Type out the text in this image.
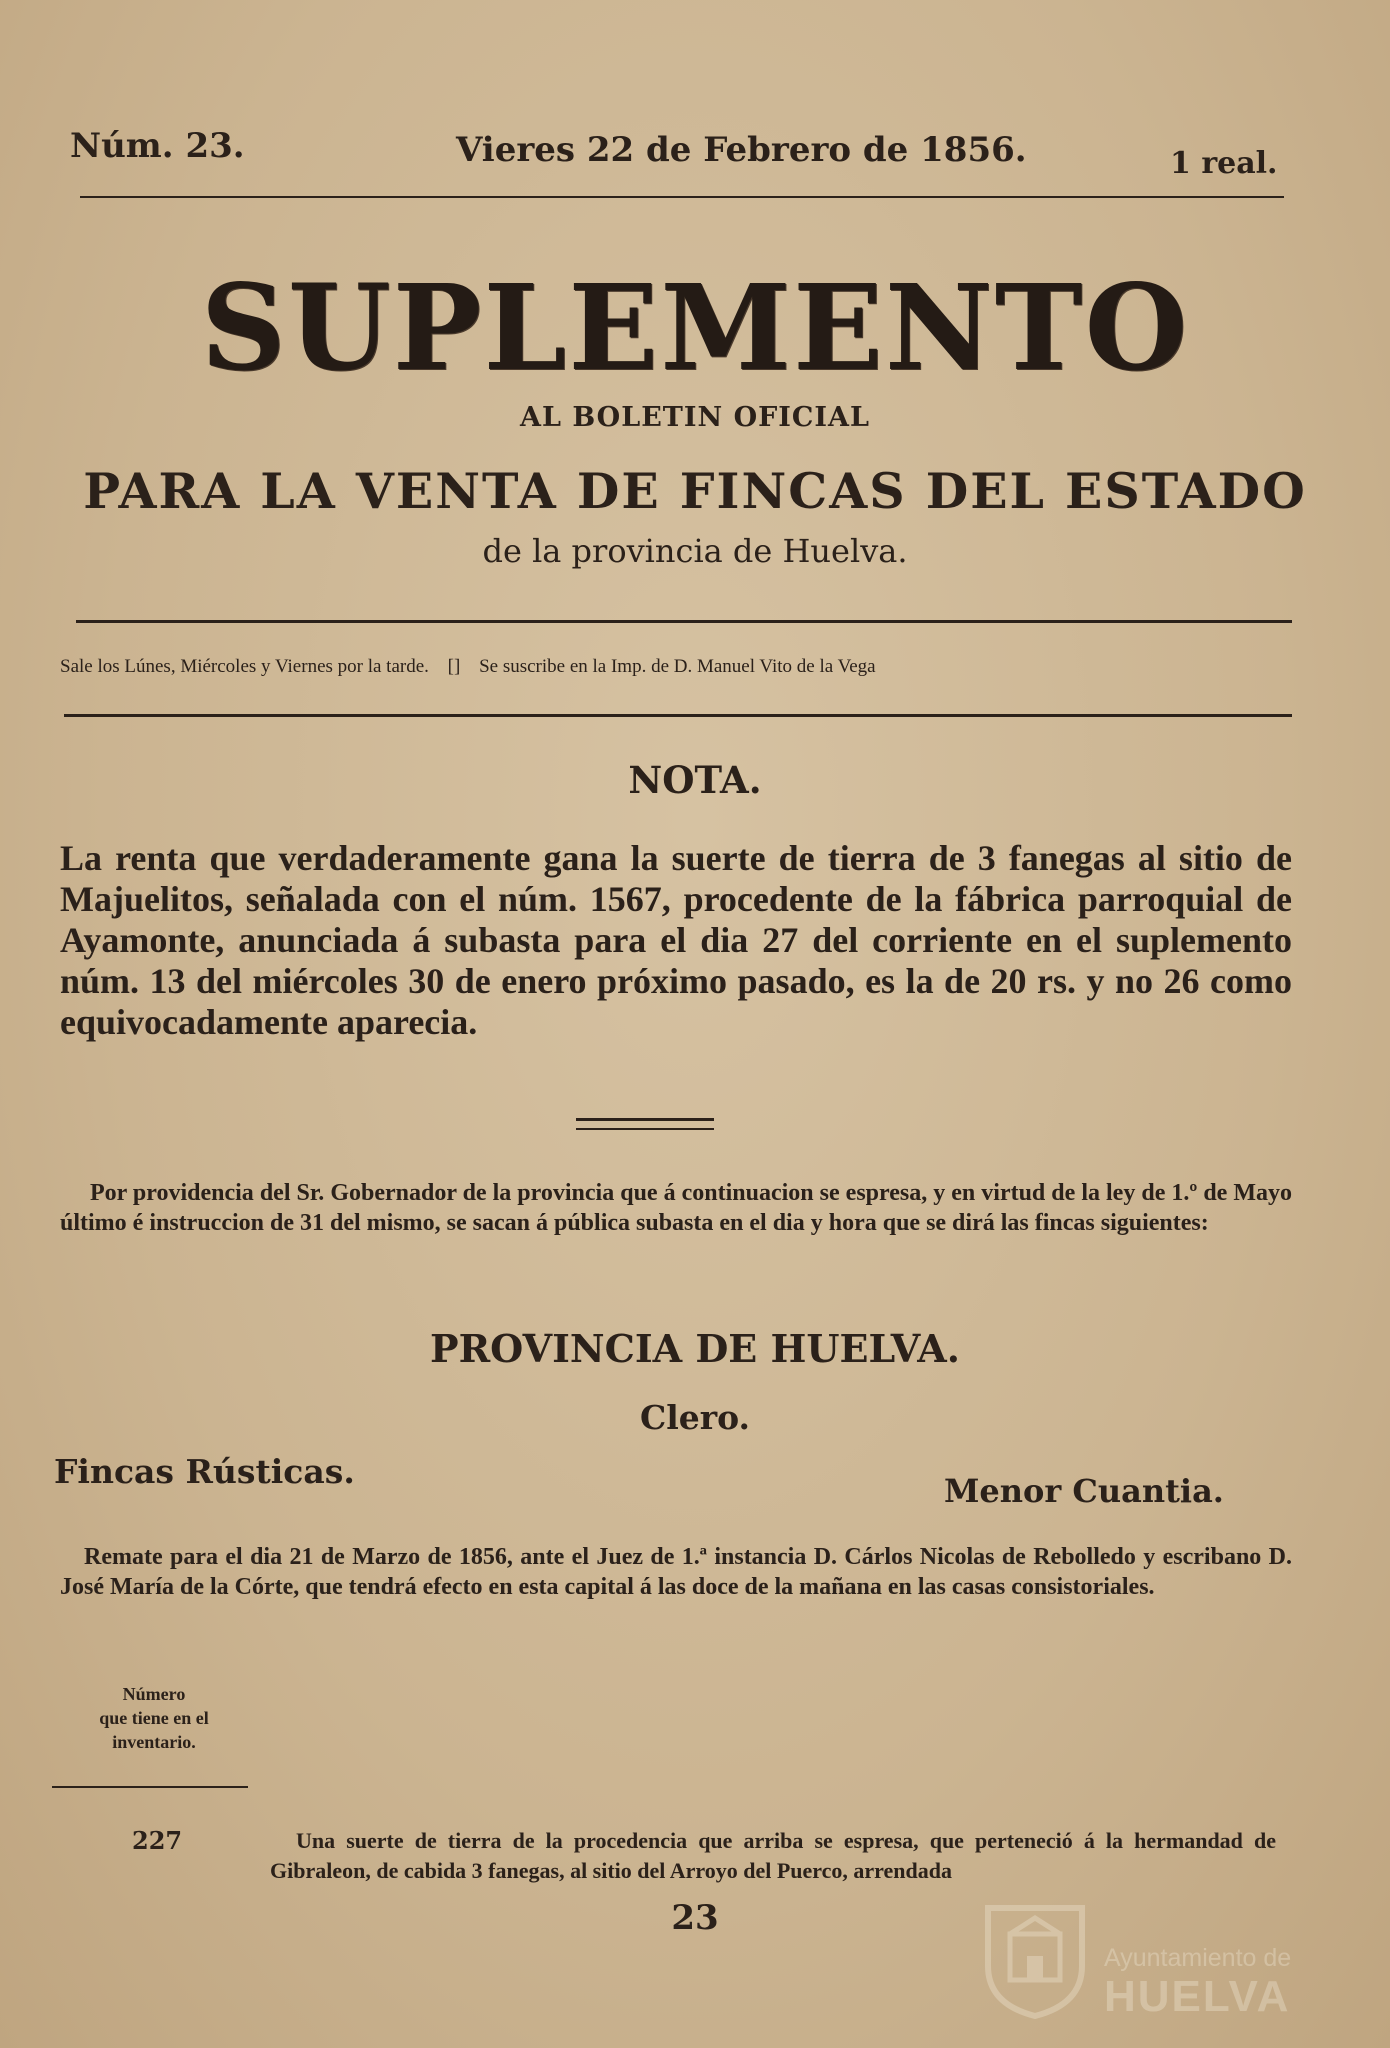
Núm. 23.	Vieres 22 de Febrero de 1856.	1 real.
SUPLEMENTO
AL BOLETIN OFICIAL
PARA LA VENTA DE FINCAS DEL ESTADO
de la provincia de Huelva.
Sale los Lúnes, Miércoles y Viernes por la tarde. [] Se suscribe en la Imp. de D. Manuel Vito de la Vega
NOTA.
La renta que verdaderamente gana la suerte de tierra de 3 fanegas al sitio de Majuelitos, señalada con el núm. 1567, procedente de la fábrica parroquial de Ayamonte, anunciada á subasta para el dia 27 del corriente en el suplemento núm. 13 del miércoles 30 de enero próximo pasado, es la de 20 rs. y no 26 como equivocadamente aparecia.
Por providencia del Sr. Gobernador de la provincia que á continuacion se espresa, y en virtud de la ley de 1.º de Mayo último é instruccion de 31 del mismo, se sacan á pública subasta en el dia y hora que se dirá las fincas siguientes:
PROVINCIA DE HUELVA.
Clero.
Fincas Rústicas.	Menor Cuantia.
Remate para el dia 21 de Marzo de 1856, ante el Juez de 1.ª instancia D. Cárlos Nicolas de Rebolledo y escribano D. José María de la Córte, que tendrá efecto en esta capital á las doce de la mañana en las casas consistoriales.
Número
que tiene en el
inventario.
227	Una suerte de tierra de la procedencia que arriba se espresa, que perteneció á la hermandad de Gibraleon, de cabida 3 fanegas, al sitio del Arroyo del Puerco, arrendada
23
Ayuntamiento de
HUELVA
